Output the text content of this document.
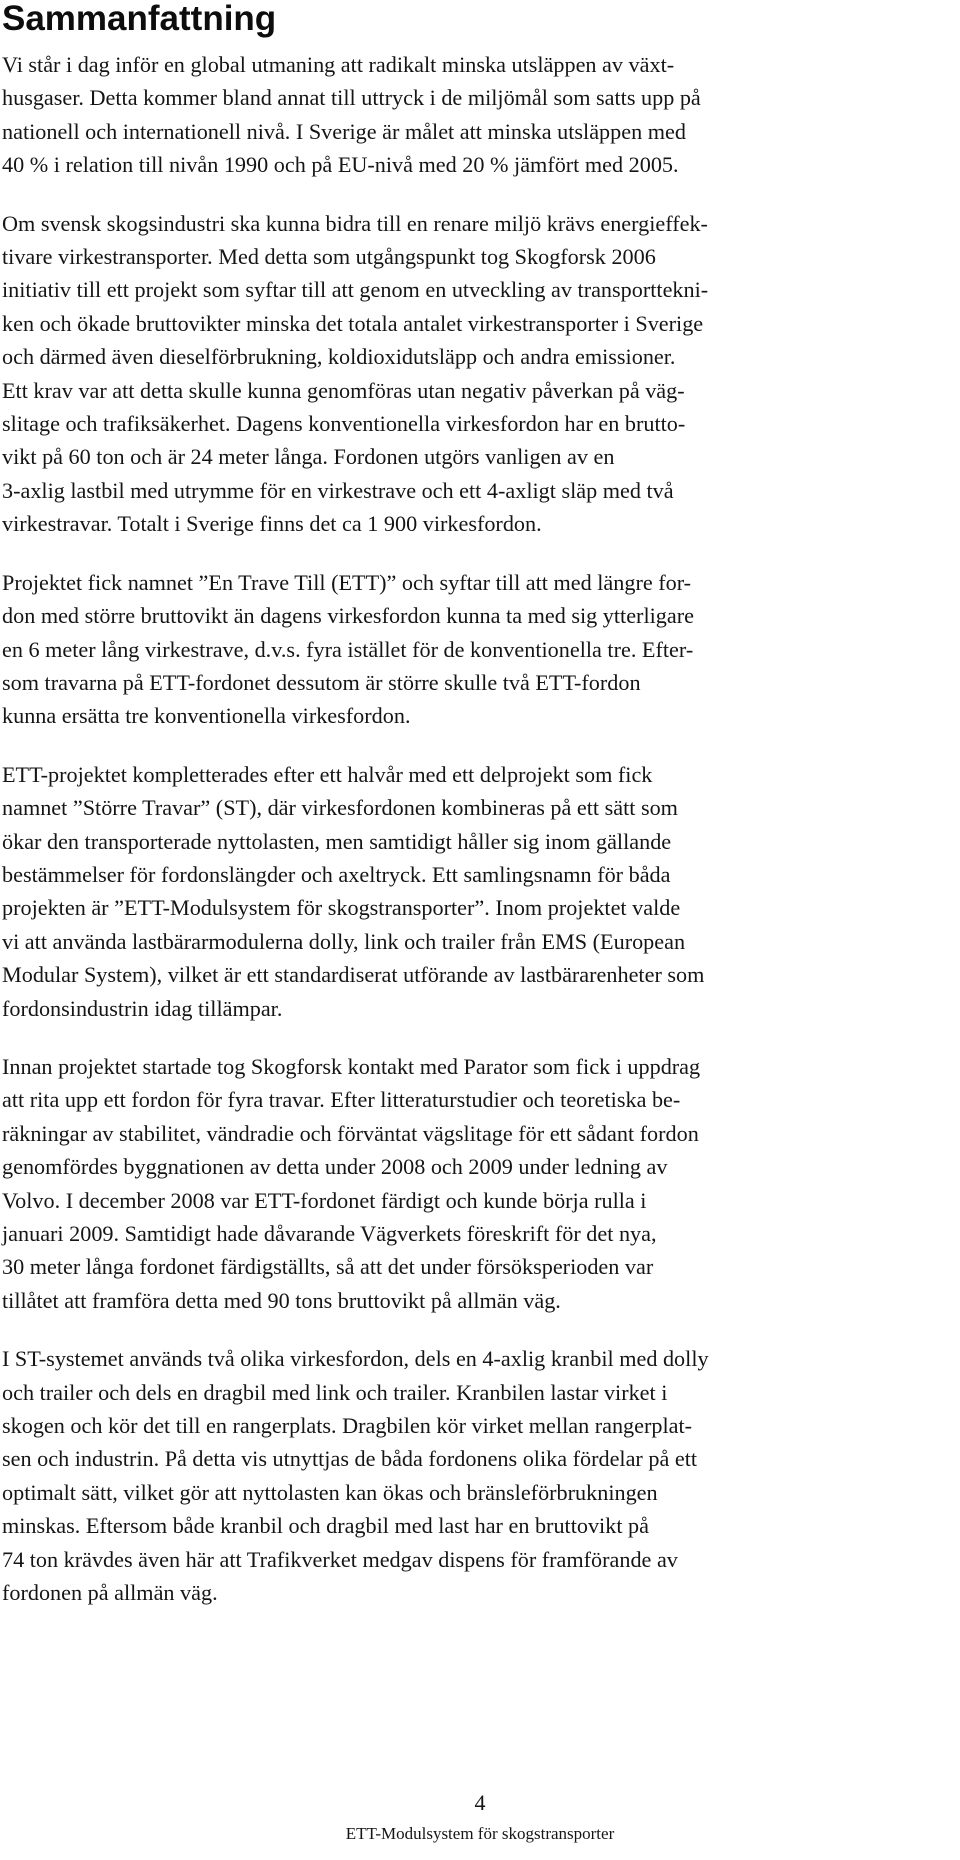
Sammanfattning

Vi står i dag inför en global utmaning att radikalt minska utsläppen av växt-
husgaser. Detta kommer bland annat till uttryck i de miljömål som satts upp på
nationell och internationell nivå. I Sverige är målet att minska utsläppen med
40 % i relation till nivån 1990 och på EU-nivå med 20 % jämfört med 2005.

Om svensk skogsindustri ska kunna bidra till en renare miljö krävs energieffek-
tivare virkestransporter. Med detta som utgångspunkt tog Skogforsk 2006
initiativ till ett projekt som syftar till att genom en utveckling av transporttekni-
ken och ökade bruttovikter minska det totala antalet virkestransporter i Sverige
och därmed även dieselförbrukning, koldioxidutsläpp och andra emissioner.
Ett krav var att detta skulle kunna genomföras utan negativ påverkan på väg-
slitage och trafiksäkerhet. Dagens konventionella virkesfordon har en brutto-
vikt på 60 ton och är 24 meter långa. Fordonen utgörs vanligen av en
3-axlig lastbil med utrymme för en virkestrave och ett 4-axligt släp med två
virkestravar. Totalt i Sverige finns det ca 1 900 virkesfordon.

Projektet fick namnet ”En Trave Till (ETT)” och syftar till att med längre for-
don med större bruttovikt än dagens virkesfordon kunna ta med sig ytterligare
en 6 meter lång virkestrave, d.v.s. fyra istället för de konventionella tre. Efter-
som travarna på ETT-fordonet dessutom är större skulle två ETT-fordon
kunna ersätta tre konventionella virkesfordon.

ETT-projektet kompletterades efter ett halvår med ett delprojekt som fick
namnet ”Större Travar” (ST), där virkesfordonen kombineras på ett sätt som
ökar den transporterade nyttolasten, men samtidigt håller sig inom gällande
bestämmelser för fordonslängder och axeltryck. Ett samlingsnamn för båda
projekten är ”ETT-Modulsystem för skogstransporter”. Inom projektet valde
vi att använda lastbärarmodulerna dolly, link och trailer från EMS (European
Modular System), vilket är ett standardiserat utförande av lastbärarenheter som
fordonsindustrin idag tillämpar.

Innan projektet startade tog Skogforsk kontakt med Parator som fick i uppdrag
att rita upp ett fordon för fyra travar. Efter litteraturstudier och teoretiska be-
räkningar av stabilitet, vändradie och förväntat vägslitage för ett sådant fordon
genomfördes byggnationen av detta under 2008 och 2009 under ledning av
Volvo. I december 2008 var ETT-fordonet färdigt och kunde börja rulla i
januari 2009. Samtidigt hade dåvarande Vägverkets föreskrift för det nya,
30 meter långa fordonet färdigställts, så att det under försöksperioden var
tillåtet att framföra detta med 90 tons bruttovikt på allmän väg.

I ST-systemet används två olika virkesfordon, dels en 4-axlig kranbil med dolly
och trailer och dels en dragbil med link och trailer. Kranbilen lastar virket i
skogen och kör det till en rangerplats. Dragbilen kör virket mellan rangerplat-
sen och industrin. På detta vis utnyttjas de båda fordonens olika fördelar på ett
optimalt sätt, vilket gör att nyttolasten kan ökas och bränsleförbrukningen
minskas. Eftersom både kranbil och dragbil med last har en bruttovikt på
74 ton krävdes även här att Trafikverket medgav dispens för framförande av
fordonen på allmän väg.

4
ETT-Modulsystem för skogstransporter
